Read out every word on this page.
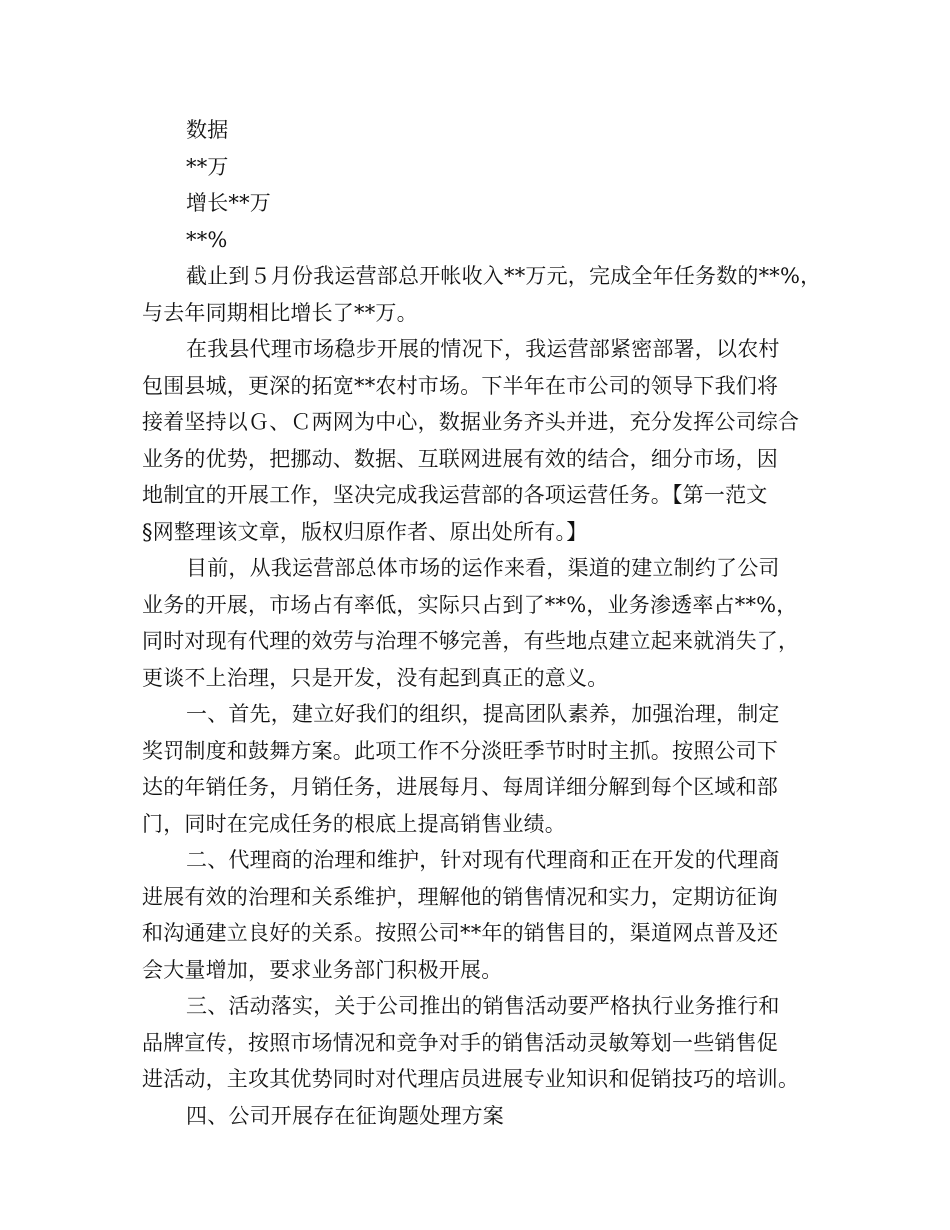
数据
**万
增长**万
**%

截止到５月份我运营部总开帐收入**万元，完成全年任务数的**%，
与去年同期相比增长了**万。

在我县代理市场稳步开展的情况下，我运营部紧密部署，以农村
包围县城，更深的拓宽**农村市场。下半年在市公司的领导下我们将
接着坚持以Ｇ、Ｃ两网为中心，数据业务齐头并进，充分发挥公司综合
业务的优势，把挪动、数据、互联网进展有效的结合，细分市场，因
地制宜的开展工作，坚决完成我运营部的各项运营任务。【第一范文
§网整理该文章，版权归原作者、原出处所有。】

目前，从我运营部总体市场的运作来看，渠道的建立制约了公司
业务的开展，市场占有率低，实际只占到了**%，业务渗透率占**%，
同时对现有代理的效劳与治理不够完善，有些地点建立起来就消失了，
更谈不上治理，只是开发，没有起到真正的意义。

一、首先，建立好我们的组织，提高团队素养，加强治理，制定
奖罚制度和鼓舞方案。此项工作不分淡旺季节时时主抓。按照公司下
达的年销任务，月销任务，进展每月、每周详细分解到每个区域和部
门，同时在完成任务的根底上提高销售业绩。

二、代理商的治理和维护，针对现有代理商和正在开发的代理商
进展有效的治理和关系维护，理解他的销售情况和实力，定期访征询
和沟通建立良好的关系。按照公司**年的销售目的，渠道网点普及还
会大量增加，要求业务部门积极开展。

三、活动落实，关于公司推出的销售活动要严格执行业务推行和
品牌宣传，按照市场情况和竞争对手的销售活动灵敏筹划一些销售促
进活动，主攻其优势同时对代理店员进展专业知识和促销技巧的培训。

四、公司开展存在征询题处理方案
